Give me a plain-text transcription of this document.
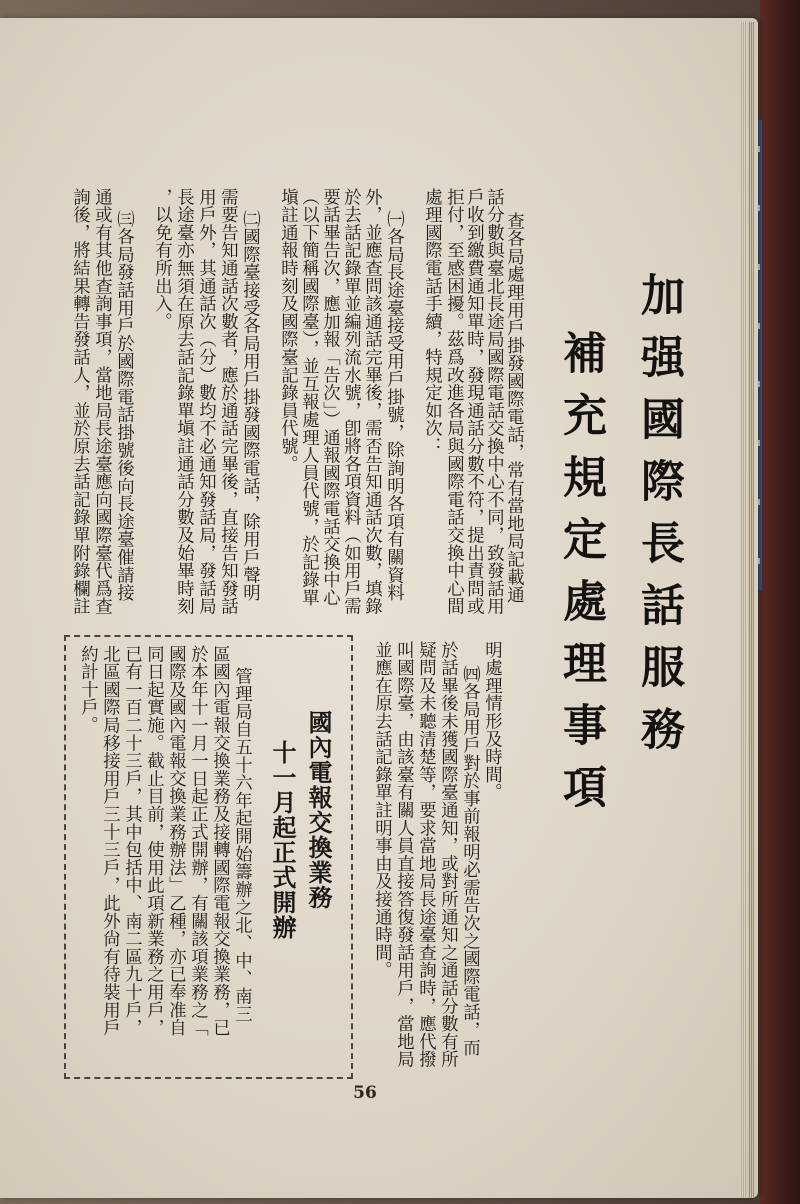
加强國際長話服務
補充規定處理事項
查各局處理用戶掛發國際電話，常有當地局記載通
話分數與臺北長途局國際電話交換中心不同，致發話用
戶收到繳費通知單時，發現通話分數不符，提出責問或
拒付，至感困擾。茲爲改進各局與國際電話交換中心間
處理國際電話手續，特規定如次：
㈠各局長途臺接受用戶掛號，除詢明各項有關資料
外，並應查問該通話完畢後，需否告知通話次數，填錄
於去話記錄單並編列流水號，卽將各項資料（如用戶需
要話畢告次，應加報「告次」）通報國際電話交換中心
（以下簡稱國際臺），並互報處理人員代號，於記錄單
塡註通報時刻及國際臺記錄員代號。
㈡國際臺接受各局用戶掛發國際電話，除用戶聲明
需要告知通話次數者，應於通話完畢後，直接告知發話
用戶外，其通話次（分）數均不必通知發話局，發話局
長途臺亦無須在原去話記錄單塡註通話分數及始畢時刻
，以免有所出入。
㈢各局發話用戶於國際電話掛號後向長途臺催請接
通或有其他查詢事項，當地局長途臺應向國際臺代爲查
詢後，將結果轉告發話人，並於原去話記錄單附錄欄註
明處理情形及時間。
㈣各局用戶對於事前報明必需告次之國際電話，而
於話畢後未獲國際臺通知，或對所通知之通話分數有所
疑問及未聽清楚等，要求當地局長途臺查詢時，應代撥
叫國際臺，由該臺有關人員直接答復發話用戶，當地局
並應在原去話記錄單註明事由及接通時間。
國內電報交換業務
十一月起正式開辦
管理局自五十六年起開始籌辦之北、中、南三
區國內電報交換業務及接轉國際電報交換業務，已
於本年十一月一日起正式開辦，有關該項業務之「
國際及國內電報交換業務辦法」乙種，亦已奉准自
同日起實施。截止目前，使用此項新業務之用戶，
已有一百二十三戶，其中包括中、南二區九十戶，
北區國際局移接用戶三十三戶，此外尙有待裝用戶
約計十戶。
56
